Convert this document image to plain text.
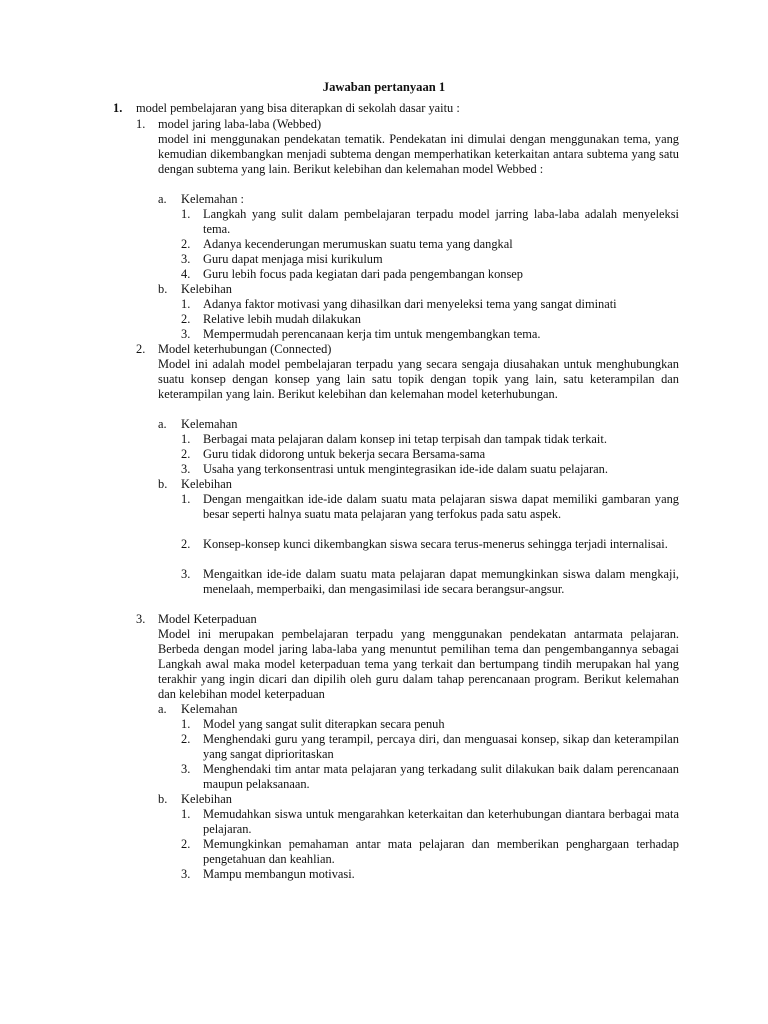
Jawaban pertanyaan 1
1. model pembelajaran yang bisa diterapkan di sekolah dasar yaitu :
1. model jaring laba-laba (Webbed)
model ini menggunakan pendekatan tematik. Pendekatan ini dimulai dengan menggunakan tema, yang kemudian dikembangkan menjadi subtema dengan memperhatikan keterkaitan antara subtema yang satu dengan subtema yang lain. Berikut kelebihan dan kelemahan model Webbed :
a. Kelemahan :
1. Langkah yang sulit dalam pembelajaran terpadu model jarring laba-laba adalah menyeleksi tema.
2. Adanya kecenderungan merumuskan suatu tema yang dangkal
3. Guru dapat menjaga misi kurikulum
4. Guru lebih focus pada kegiatan dari pada pengembangan konsep
b. Kelebihan
1. Adanya faktor motivasi yang dihasilkan dari menyeleksi tema yang sangat diminati
2. Relative lebih mudah dilakukan
3. Mempermudah perencanaan kerja tim untuk mengembangkan tema.
2. Model keterhubungan (Connected)
Model ini adalah model pembelajaran terpadu yang secara sengaja diusahakan untuk menghubungkan suatu konsep dengan konsep yang lain satu topik dengan topik yang lain, satu keterampilan dan keterampilan yang lain. Berikut kelebihan dan kelemahan model keterhubungan.
a. Kelemahan
1. Berbagai mata pelajaran dalam konsep ini tetap terpisah dan tampak tidak terkait.
2. Guru tidak didorong untuk bekerja secara Bersama-sama
3. Usaha yang terkonsentrasi untuk mengintegrasikan ide-ide dalam suatu pelajaran.
b. Kelebihan
1. Dengan mengaitkan ide-ide dalam suatu mata pelajaran siswa dapat memiliki gambaran yang besar seperti halnya suatu mata pelajaran yang terfokus pada satu aspek.
2. Konsep-konsep kunci dikembangkan siswa secara terus-menerus sehingga terjadi internalisai.
3. Mengaitkan ide-ide dalam suatu mata pelajaran dapat memungkinkan siswa dalam mengkaji, menelaah, memperbaiki, dan mengasimilasi ide secara berangsur-angsur.
3. Model Keterpaduan
Model ini merupakan pembelajaran terpadu yang menggunakan pendekatan antarmata pelajaran. Berbeda dengan model jaring laba-laba yang menuntut pemilihan tema dan pengembangannya sebagai Langkah awal maka model keterpaduan tema yang terkait dan bertumpang tindih merupakan hal yang terakhir yang ingin dicari dan dipilih oleh guru dalam tahap perencanaan program. Berikut kelemahan dan kelebihan model keterpaduan
a. Kelemahan
1. Model yang sangat sulit diterapkan secara penuh
2. Menghendaki guru yang terampil, percaya diri, dan menguasai konsep, sikap dan keterampilan yang sangat diprioritaskan
3. Menghendaki tim antar mata pelajaran yang terkadang sulit dilakukan baik dalam perencanaan maupun pelaksanaan.
b. Kelebihan
1. Memudahkan siswa untuk mengarahkan keterkaitan dan keterhubungan diantara berbagai mata pelajaran.
2. Memungkinkan pemahaman antar mata pelajaran dan memberikan penghargaan terhadap pengetahuan dan keahlian.
3. Mampu membangun motivasi.
